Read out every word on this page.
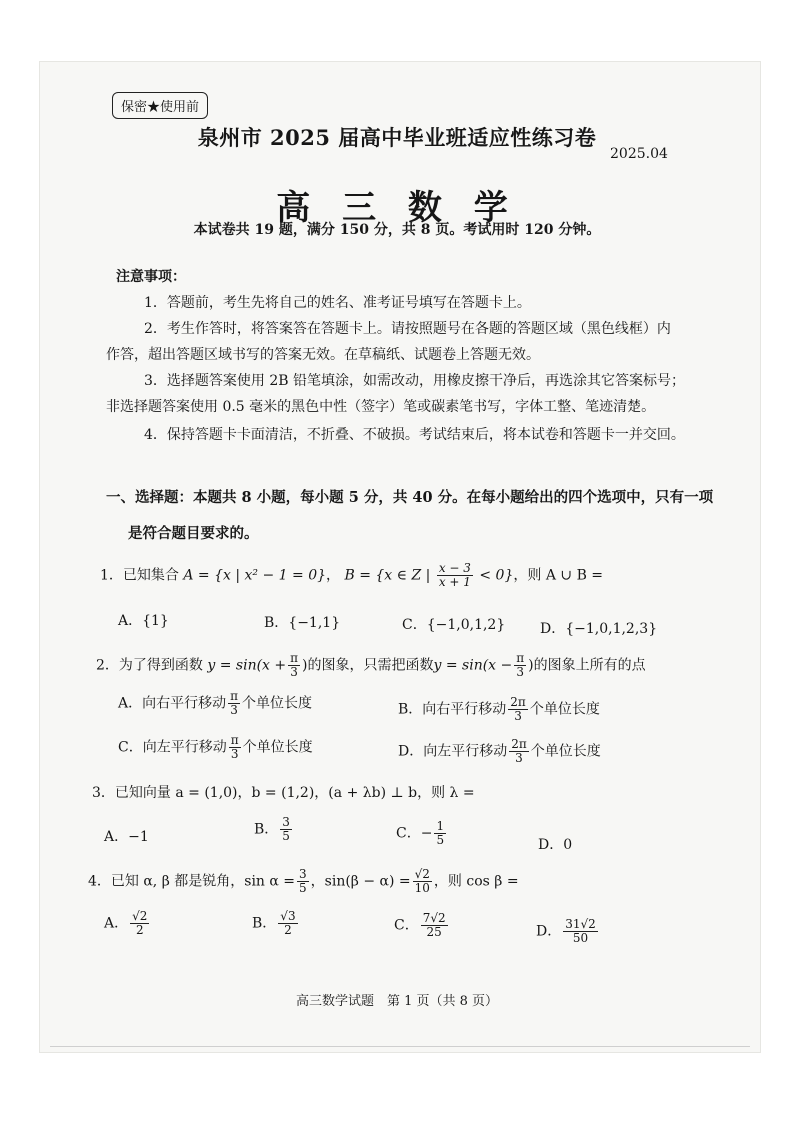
保密★使用前
泉州市 2025 届高中毕业班适应性练习卷
2025.04
高 三 数 学
本试卷共 19 题，满分 150 分，共 8 页。考试用时 120 分钟。
注意事项：
1．答题前，考生先将自己的姓名、准考证号填写在答题卡上。
2．考生作答时，将答案答在答题卡上。请按照题号在各题的答题区域（黑色线框）内
作答，超出答题区域书写的答案无效。在草稿纸、试题卷上答题无效。
3．选择题答案使用 2B 铅笔填涂，如需改动，用橡皮擦干净后，再选涂其它答案标号；
非选择题答案使用 0.5 毫米的黑色中性（签字）笔或碳素笔书写，字体工整、笔迹清楚。
4．保持答题卡卡面清洁，不折叠、不破损。考试结束后，将本试卷和答题卡一并交回。
一、选择题：本题共 8 小题，每小题 5 分，共 40 分。在每小题给出的四个选项中，只有一项
是符合题目要求的。
1．已知集合 A = {x | x² − 1 = 0}， B = {x ∈ Z | $\frac{x - 3}{x + 1} < 0$}，则 A ∪ B =
A．{1}	B．{−1,1}	C．{−1,0,1,2} D．{−1,0,1,2,3}
2．为了得到函数 $y = \sin(x + \frac{\pi}{3}$ )的图象，只需把函数$y = \sin(x - \frac{\pi}{3}$ )的图象上所有的点
A．向右平行移动 $\frac{\pi}{3}$ 个单位长度	B．向右平行移动 $\frac{2\pi}{3}$ 个单位长度
C．向左平行移动 $\frac{\pi}{3}$ 个单位长度	D．向左平行移动 $\frac{2\pi}{3}$ 个单位长度
3．已知向量 a = (1,0)，b = (1,2)，(a + λb) ⊥ b，则 λ =
A．−1	B． $\frac{3}{5}$	C．− $\frac{1}{5}$	D．0
4．已知 α, β 都是锐角，$\sin \alpha = \frac{3}{5}$ ，$\sin(\beta - \alpha) = \frac{√2}{10}$ ，则 cos β =
A． $\frac{√2}{2}$	B． $\frac{√3}{2}$	C． $\frac{7√2}{25}$	D． $\frac{31√2}{50}$
高三数学试题　第 1 页（共 8 页）
